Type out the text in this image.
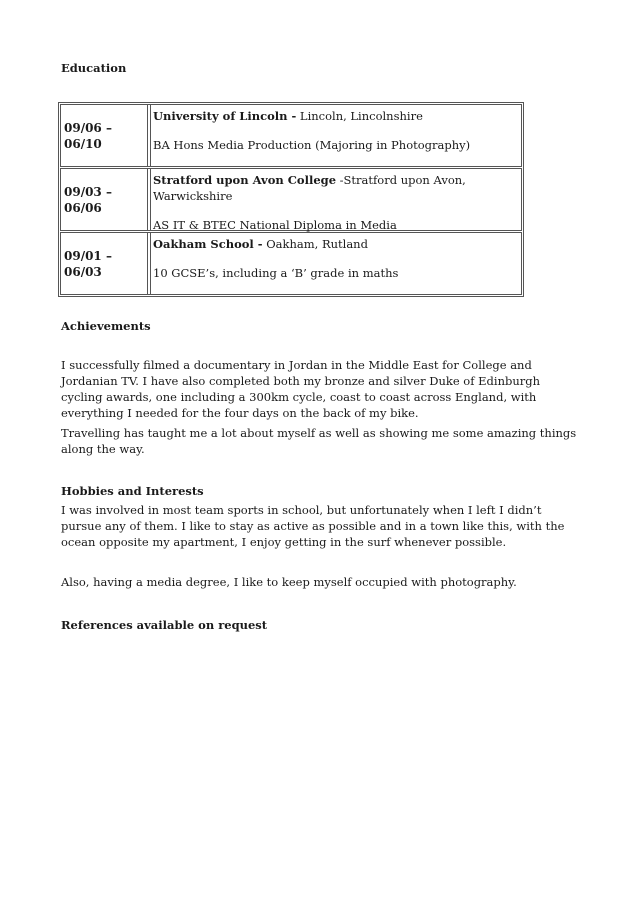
Education
09/06 – 06/10
University of Lincoln - Lincoln, Lincolnshire
BA Hons Media Production (Majoring in Photography)
09/03 – 06/06
Stratford upon Avon College -Stratford upon Avon, Warwickshire
AS IT & BTEC National Diploma in Media
09/01 – 06/03
Oakham School - Oakham, Rutland
10 GCSE’s, including a ‘B’ grade in maths
Achievements
I successfully filmed a documentary in Jordan in the Middle East for College and Jordanian TV. I have also completed both my bronze and silver Duke of Edinburgh cycling awards, one including a 300km cycle, coast to coast across England, with everything I needed for the four days on the back of my bike.
Travelling has taught me a lot about myself as well as showing me some amazing things along the way.
Hobbies and Interests
I was involved in most team sports in school, but unfortunately when I left I didn’t pursue any of them. I like to stay as active as possible and in a town like this, with the ocean opposite my apartment, I enjoy getting in the surf whenever possible.
Also, having a media degree, I like to keep myself occupied with photography.
References available on request
